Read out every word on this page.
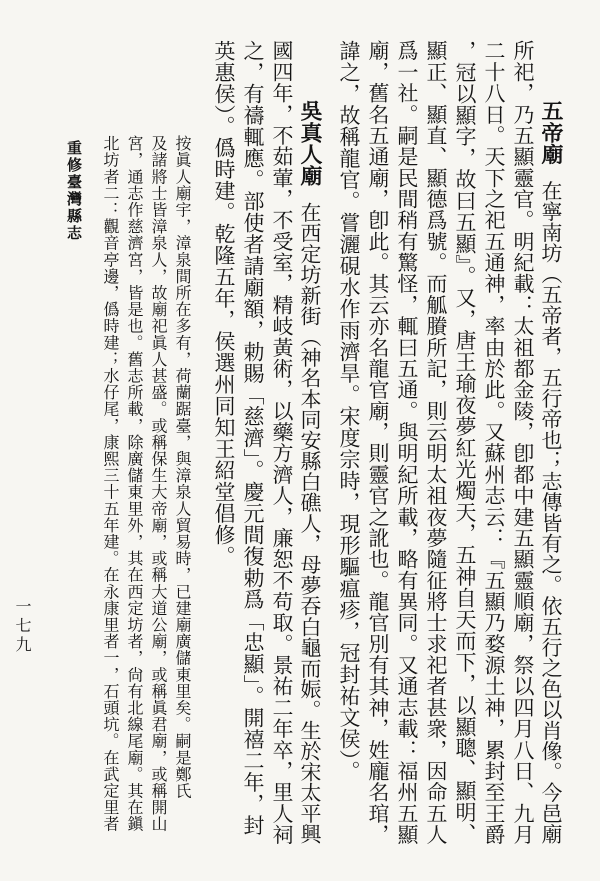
五帝廟在寧南坊（五帝者，五行帝也；志傳皆有之。依五行之色以肖像。今邑廟

所祀，乃五顯靈官。明紀載：太祖都金陵，卽都中建五顯靈順廟，祭以四月八日、九月

二十八日。天下之祀五通神，率由於此。又蘇州志云：『五顯乃婺源土神，累封至王爵

，冠以顯字，故曰五顯』。又，唐王瑜夜夢紅光燭天，五神自天而下，以顯聰、顯明、

顯正、顯直、顯德爲號。而觚賸所記，則云明太祖夜夢隨征將士求祀者甚衆，因命五人

爲一社。嗣是民間稍有驚怪，輒曰五通。與明紀所載，略有異同。又通志載：福州五顯

廟，舊名五通廟，卽此。其云亦名龍官廟，則靈官之訛也。龍官別有其神，姓龐名琯，

諱之，故稱龍官。嘗灑硯水作雨濟旱。宋度宗時，現形驅瘟疹，冠封祐文侯）。

吳真人廟在西定坊新街（神名本同安縣白礁人，母夢吞白龜而娠。生於宋太平興

國四年，不茹葷，不受室，精岐黃術，以藥方濟人，廉恕不苟取。景祐二年卒，里人祠

之，有禱輒應。部使者請廟額，勅賜「慈濟」。慶元間復勅爲「忠顯」。開禧二年，封

英惠侯）。僞時建。乾隆五年，侯選州同知王紹堂倡修。

按眞人廟宇，漳泉間所在多有，荷蘭踞臺，與漳泉人貿易時，已建廟廣儲東里矣。嗣是鄭氏

及諸將士皆漳泉人，故廟祀眞人甚盛。或稱保生大帝廟，或稱大道公廟，或稱眞君廟，或稱開山

宮，通志作慈濟宮，皆是也。舊志所載，除廣儲東里外，其在西定坊者，尙有北線尾廟。其在鎭

北坊者二：觀音亭邊，僞時建；水仔尾，康熙三十五年建。在永康里者一，石頭坑。在武定里者

重修臺灣縣志

一七九
